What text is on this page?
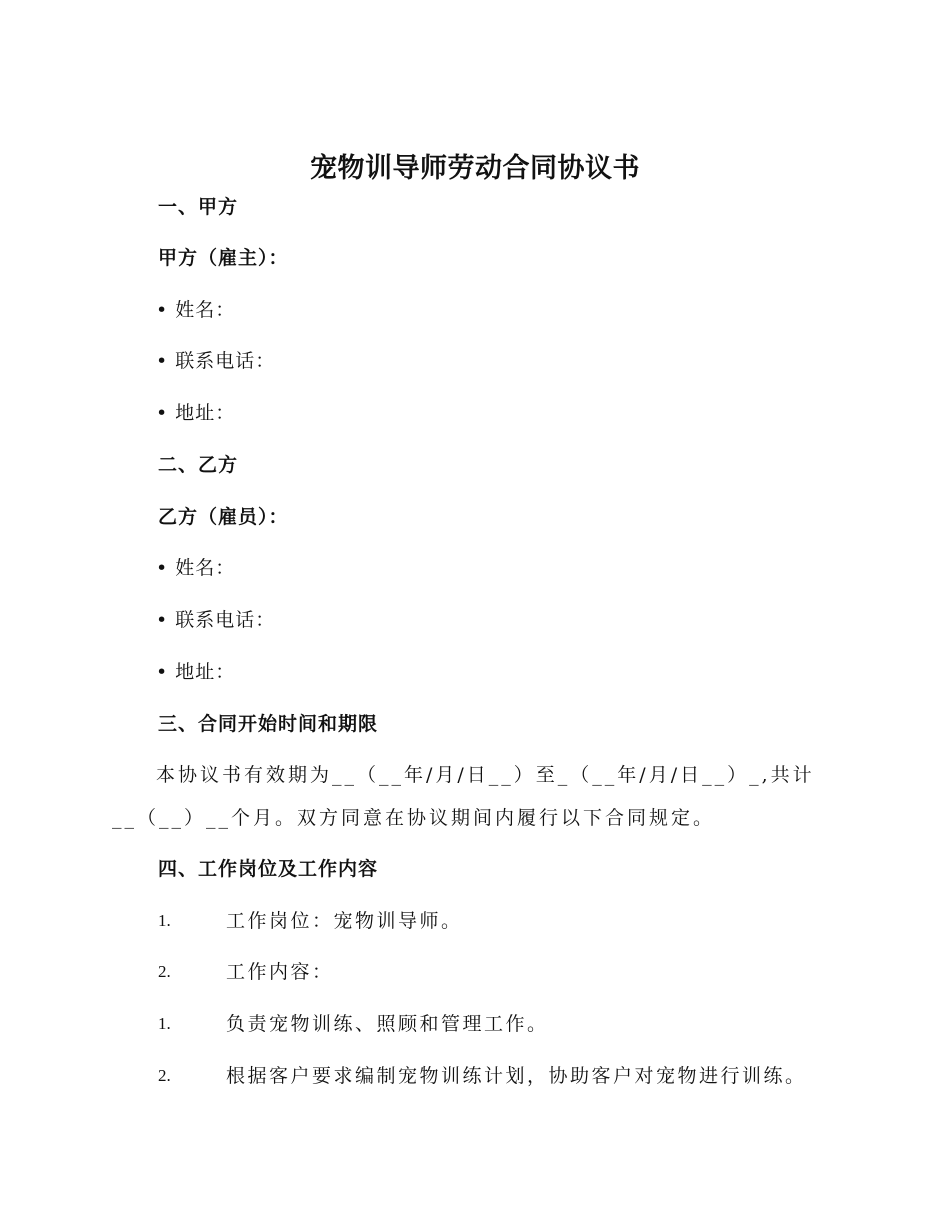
宠物训导师劳动合同协议书
一、甲方
甲方（雇主）：
• 姓名：
• 联系电话：
• 地址：
二、乙方
乙方（雇员）：
• 姓名：
• 联系电话：
• 地址：
三、合同开始时间和期限
本协议书有效期为__（__年/月/日__）至_（__年/月/日__）_,共计
__（__）__个月。双方同意在协议期间内履行以下合同规定。
四、工作岗位及工作内容
1.	工作岗位：宠物训导师。
2.	工作内容：
1.	负责宠物训练、照顾和管理工作。
2.	根据客户要求编制宠物训练计划，协助客户对宠物进行训练。
